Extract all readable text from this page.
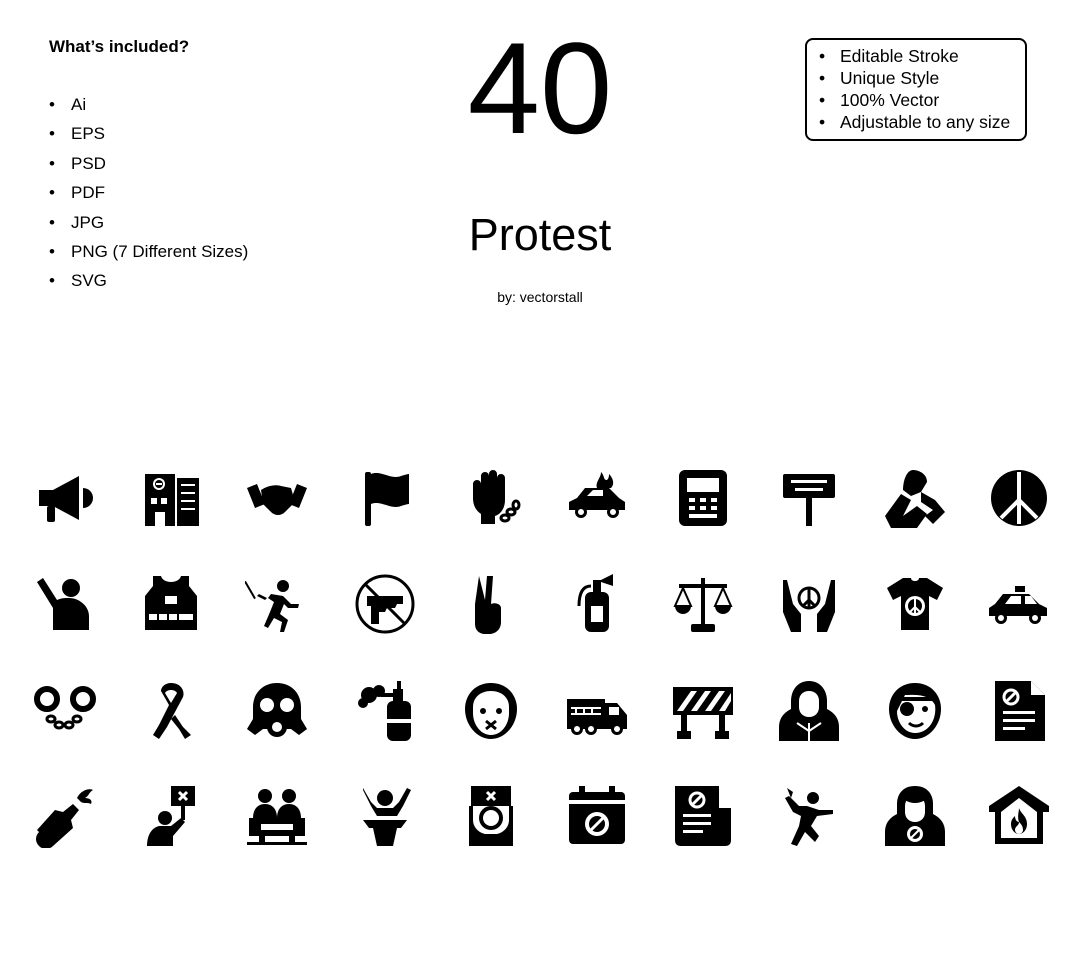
What’s included?
• Ai
• EPS
• PSD
• PDF
• JPG
• PNG (7 Different Sizes)
• SVG
40
Protest
by: vectorstall
• Editable Stroke
• Unique Style
• 100% Vector
• Adjustable to any size
